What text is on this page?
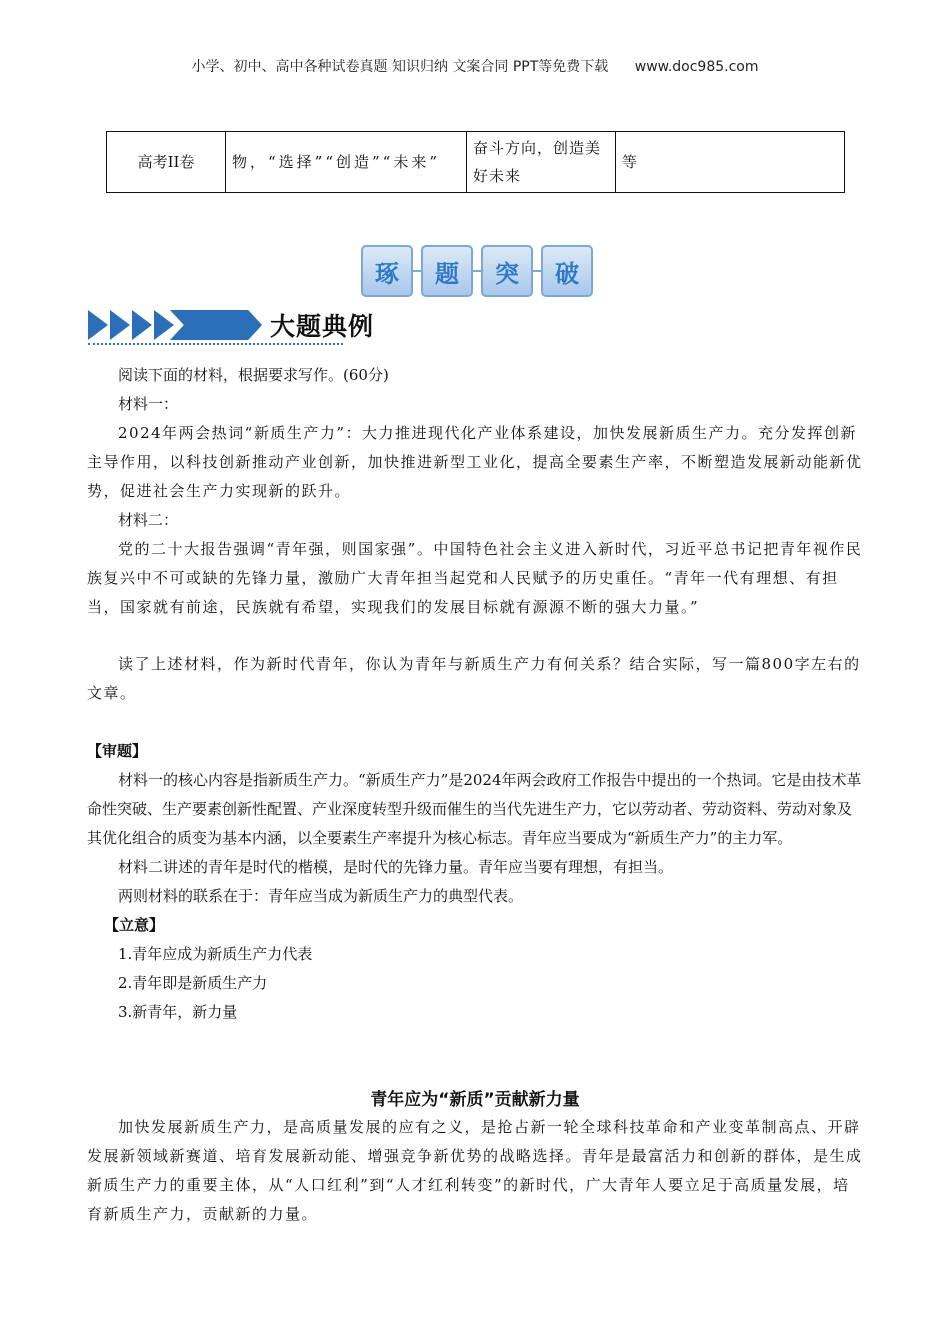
小学、初中、高中各种试卷真题 知识归纳 文案合同 PPT等免费下载 www.doc985.com
高考II卷	物，“选择”“创造”“未来”	奋斗方向，创造美好未来	等
琢	题	突	破
大题典例

阅读下面的材料，根据要求写作。(60分)

材料一：

2024年两会热词“新质生产力”：大力推进现代化产业体系建设，加快发展新质生产力。充分发挥创新主导作用，以科技创新推动产业创新，加快推进新型工业化，提高全要素生产率，不断塑造发展新动能新优势，促进社会生产力实现新的跃升。

材料二：

党的二十大报告强调“青年强，则国家强”。中国特色社会主义进入新时代，习近平总书记把青年视作民族复兴中不可或缺的先锋力量，激励广大青年担当起党和人民赋予的历史重任。“青年一代有理想、有担当，国家就有前途，民族就有希望，实现我们的发展目标就有源源不断的强大力量。”

读了上述材料，作为新时代青年，你认为青年与新质生产力有何关系？结合实际，写一篇800字左右的文章。

【审题】

材料一的核心内容是指新质生产力。“新质生产力”是2024年两会政府工作报告中提出的一个热词。它是由技术革命性突破、生产要素创新性配置、产业深度转型升级而催生的当代先进生产力，它以劳动者、劳动资料、劳动对象及其优化组合的质变为基本内涵，以全要素生产率提升为核心标志。青年应当要成为“新质生产力”的主力军。

材料二讲述的青年是时代的楷模，是时代的先锋力量。青年应当要有理想，有担当。

两则材料的联系在于：青年应当成为新质生产力的典型代表。

【立意】

1.青年应成为新质生产力代表

2.青年即是新质生产力

3.新青年，新力量

青年应为“新质”贡献新力量

加快发展新质生产力，是高质量发展的应有之义，是抢占新一轮全球科技革命和产业变革制高点、开辟发展新领域新赛道、培育发展新动能、增强竞争新优势的战略选择。青年是最富活力和创新的群体，是生成新质生产力的重要主体，从“人口红利”到“人才红利转变”的新时代，广大青年人要立足于高质量发展，培育新质生产力，贡献新的力量。
